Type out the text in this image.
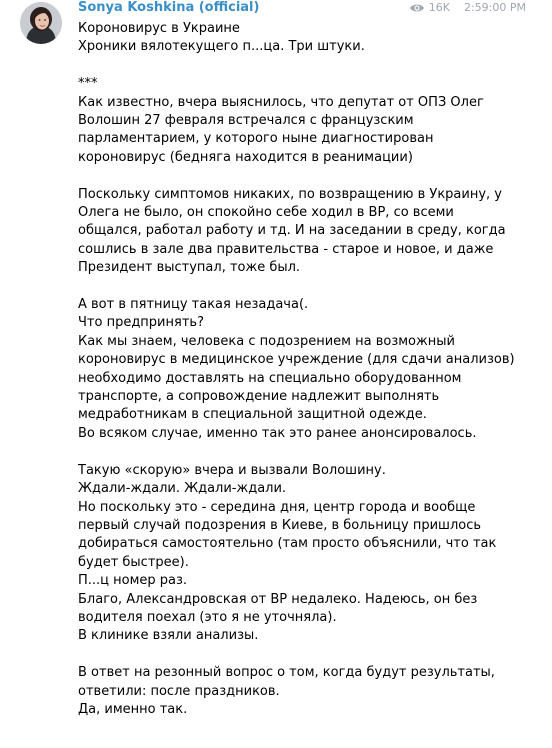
Sonya Koshkina (official)	16K 2:59:00 PM

Короновирус в Украине

Хроники вялотекущего п...ца. Три штуки.

***

Как известно, вчера выяснилось, что депутат от ОПЗ Олег

Волошин 27 февраля встречался с французским

парламентарием, у которого ныне диагностирован

короновирус (бедняга находится в реанимации)

Поскольку симптомов никаких, по возвращению в Украину, у

Олега не было, он спокойно себе ходил в ВР, со всеми

общался, работал работу и тд. И на заседании в среду, когда

сошлись в зале два правительства - старое и новое, и даже

Президент выступал, тоже был.

А вот в пятницу такая незадача(.

Что предпринять?

Как мы знаем, человека с подозрением на возможный

короновирус в медицинское учреждение (для сдачи анализов)

необходимо доставлять на специально оборудованном

транспорте, а сопровождение надлежит выполнять

медработникам в специальной защитной одежде.

Во всяком случае, именно так это ранее анонсировалось.

Такую «скорую» вчера и вызвали Волошину.

Ждали-ждали. Ждали-ждали.

Но поскольку это - середина дня, центр города и вообще

первый случай подозрения в Киеве, в больницу пришлось

добираться самостоятельно (там просто объяснили, что так

будет быстрее).

П...ц номер раз.

Благо, Александровская от ВР недалеко. Надеюсь, он без

водителя поехал (это я не уточняла).

В клинике взяли анализы.

В ответ на резонный вопрос о том, когда будут результаты,

ответили: после праздников.

Да, именно так.
